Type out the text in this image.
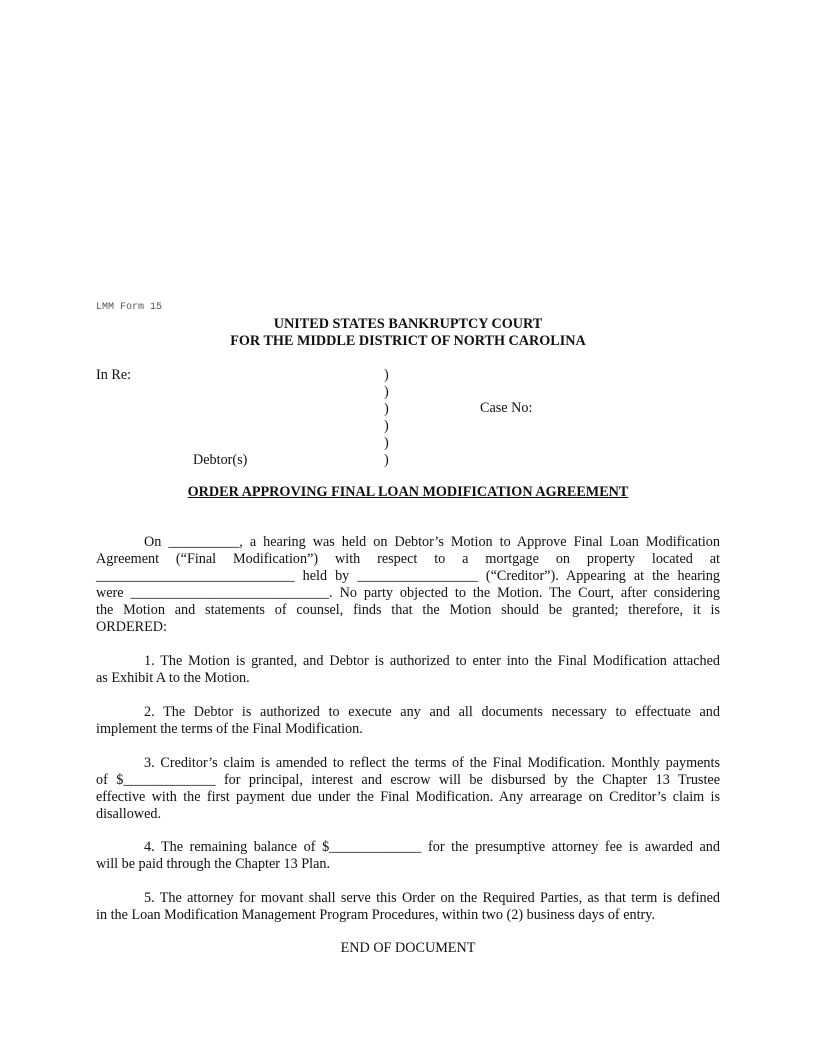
LMM Form 15
UNITED STATES BANKRUPTCY COURT
FOR THE MIDDLE DISTRICT OF NORTH CAROLINA
In Re:
Case No:
Debtor(s)
)
)
)
)
)
)
ORDER APPROVING FINAL LOAN MODIFICATION AGREEMENT
On __________, a hearing was held on Debtor’s Motion to Approve Final Loan Modification
Agreement (“Final Modification”) with respect to a mortgage on property located at
____________________________ held by _________________ (“Creditor”). Appearing at the hearing
were ____________________________. No party objected to the Motion. The Court, after considering
the Motion and statements of counsel, finds that the Motion should be granted; therefore, it is
ORDERED:
1. The Motion is granted, and Debtor is authorized to enter into the Final Modification attached
as Exhibit A to the Motion.
2. The Debtor is authorized to execute any and all documents necessary to effectuate and
implement the terms of the Final Modification.
3. Creditor’s claim is amended to reflect the terms of the Final Modification. Monthly payments
of $_____________ for principal, interest and escrow will be disbursed by the Chapter 13 Trustee
effective with the first payment due under the Final Modification. Any arrearage on Creditor’s claim is
disallowed.
4. The remaining balance of $_____________ for the presumptive attorney fee is awarded and
will be paid through the Chapter 13 Plan.
5. The attorney for movant shall serve this Order on the Required Parties, as that term is defined
in the Loan Modification Management Program Procedures, within two (2) business days of entry.
END OF DOCUMENT
